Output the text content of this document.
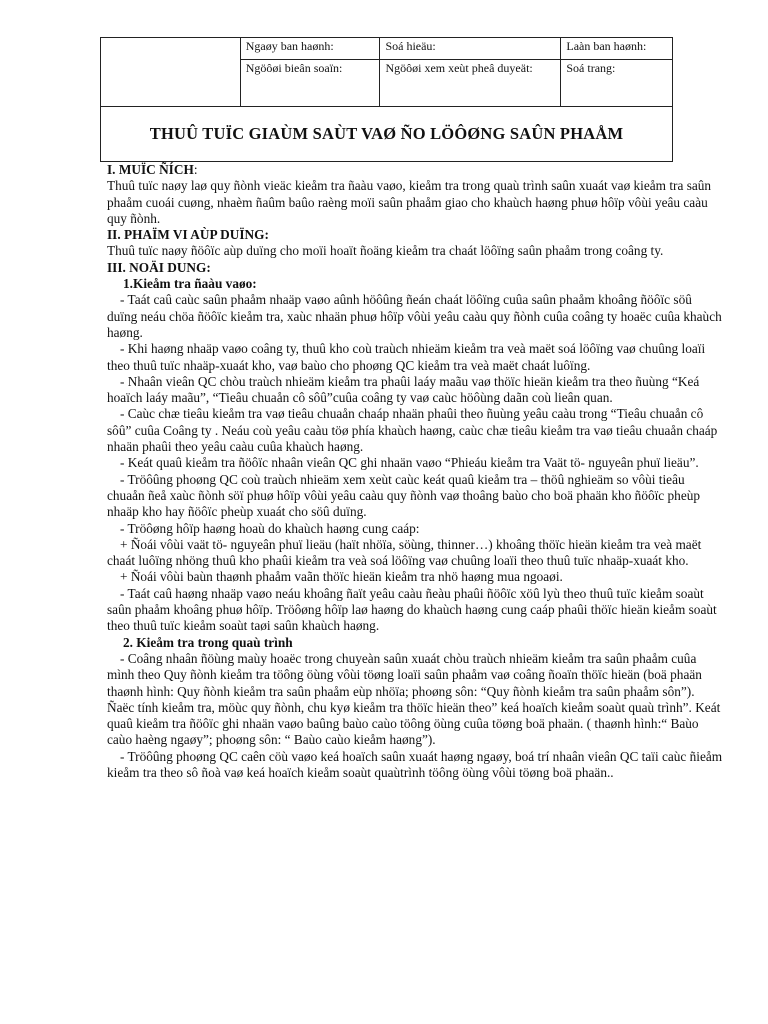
	Ngaøy ban haønh:	Soá hieäu:	Laàn ban haønh:
	Ngöôøi bieân soaïn:	Ngöôøi xem xeùt pheâ duyeät:	Soá trang:
THUÛ TUÏC GIAÙM SAÙT VAØ ÑO LÖÔØNG SAÛN PHAÅM			

I. MUÏC ÑÍCH:

Thuû tuïc naøy laø quy ñònh vieäc kieåm tra ñaàu vaøo, kieåm tra trong quaù trình saûn xuaát vaø kieåm tra saûn phaåm cuoái cuøng, nhaèm ñaûm baûo raèng moïi saûn phaåm giao cho khaùch haøng phuø hôïp vôùi yeâu caàu quy ñònh.

II. PHAÏM VI AÙP DUÏNG:

Thuû tuïc naøy ñöôïc aùp duïng cho moïi hoaït ñoäng kieåm tra chaát löôïng saûn phaåm trong coâng ty.

III. NOÄI DUNG:

1.Kieåm tra ñaàu vaøo:

- Taát caû caùc saûn phaåm nhaäp vaøo aûnh höôûng ñeán chaát löôïng cuûa saûn phaåm khoâng ñöôïc söû duïng neáu chöa ñöôïc kieåm tra, xaùc nhaän phuø hôïp vôùi yeâu caàu quy ñònh cuûa coâng ty hoaëc cuûa khaùch haøng.

- Khi haøng nhaäp vaøo coâng ty, thuû kho coù traùch nhieäm kieåm tra veà maët soá löôïng vaø chuûng loaïi theo thuû tuïc nhaäp-xuaát kho, vaø baùo cho phoøng QC kieåm tra veà maët chaát luôïng.

- Nhaân vieân QC chòu traùch nhieäm kieåm tra phaûi laáy maãu vaø thöïc hieän kieåm tra theo ñuùng “Keá hoaïch laáy maãu”, “Tieâu chuaån cô sôû”cuûa coâng ty vaø caùc höôùng daãn coù lieân quan.

- Caùc chæ tieâu kieåm tra vaø tieâu chuaån chaáp nhaän phaûi theo ñuùng yeâu caàu trong “Tieâu chuaån cô sôû” cuûa Coâng ty . Neáu coù yeâu caàu töø phía khaùch haøng, caùc chæ tieâu kieåm tra vaø tieâu chuaån chaáp nhaän phaûi theo yeâu caàu cuûa khaùch haøng.

- Keát quaû kieåm tra ñöôïc nhaân vieân QC ghi nhaän vaøo “Phieáu kieåm tra Vaät tö- nguyeân phuï lieäu”.

- Tröôûng phoøng QC coù traùch nhieäm xem xeùt caùc keát quaû kieåm tra – thöû nghieäm so vôùi tieâu chuaån ñeå xaùc ñònh söï phuø hôïp vôùi yeâu caàu quy ñònh vaø thoâng baùo cho boä phaän kho ñöôïc pheùp nhaäp kho hay ñöôïc pheùp xuaát cho söû duïng.

- Tröôøng hôïp haøng hoaù do khaùch haøng cung caáp:

+ Ñoái vôùi vaät tö- nguyeân phuï lieäu (haït nhöïa, söùng, thinner…) khoâng thöïc hieän kieåm tra veà maët chaát luôïng nhöng thuû kho phaûi kieåm tra veà soá löôïng vaø chuûng loaïi theo thuû tuïc nhaäp-xuaát kho.

+ Ñoái vôùi baùn thaønh phaåm vaãn thöïc hieän kieåm tra nhö haøng mua ngoaøi.

- Taát caû haøng nhaäp vaøo neáu khoâng ñaït yeâu caàu ñeàu phaûi ñöôïc xöû lyù theo thuû tuïc kieåm soaùt saûn phaåm khoâng phuø hôïp. Tröôøng hôïp laø haøng do khaùch haøng cung caáp phaûi thöïc hieän kieåm soaùt theo thuû tuïc kieåm soaùt taøi saûn khaùch haøng.

2. Kieåm tra trong quaù trình

- Coâng nhaân ñöùng maùy hoaëc trong chuyeàn saûn xuaát chòu traùch nhieäm kieåm tra saûn phaåm cuûa mình theo Quy ñònh kieåm tra töông öùng vôùi töøng loaïi saûn phaåm vaø coâng ñoaïn thöïc hieän (boä phaän thaønh hình: Quy ñònh kieåm tra saûn phaåm eùp nhöïa; phoøng sôn: “Quy ñònh kieåm tra saûn phaåm sôn”). Ñaëc tính kieåm tra, möùc quy ñònh, chu kyø kieåm tra thöïc hieän theo” keá hoaïch kieåm soaùt quaù trình”. Keát quaû kieåm tra ñöôïc ghi nhaän vaøo baûng baùo caùo töông öùng cuûa töøng boä phaän. ( thaønh hình:“ Baùo caùo haèng ngaøy”; phoøng sôn: “ Baùo caùo kieåm haøng”).

- Tröôûng phoøng QC caên cöù vaøo keá hoaïch saûn xuaát haøng ngaøy, boá trí nhaân vieân QC taïi caùc ñieåm kieåm tra theo sô ñoà vaø keá hoaïch kieåm soaùt quaùtrình töông öùng vôùi töøng boä phaän..
